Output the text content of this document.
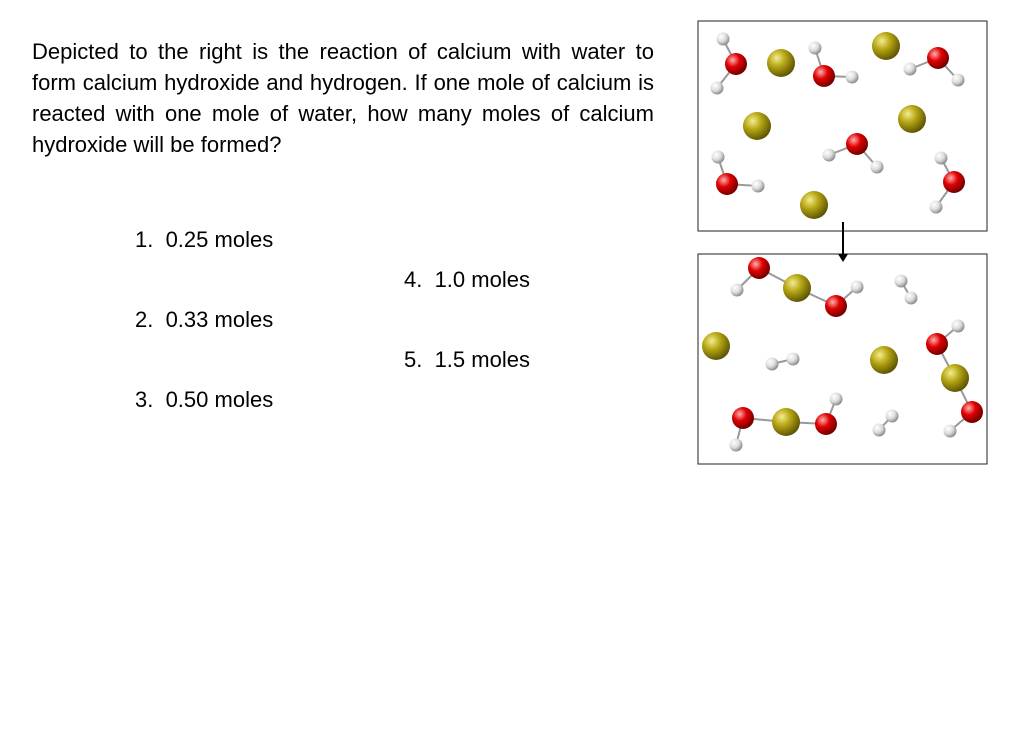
Depicted to the right is the reaction of calcium with water to form calcium hydroxide and hydrogen. If one mole of calcium is reacted with one mole of water, how many moles of calcium hydroxide will be formed?

1.  0.25 moles
2.  0.33 moles
3.  0.50 moles
4.  1.0 moles
5.  1.5 moles
